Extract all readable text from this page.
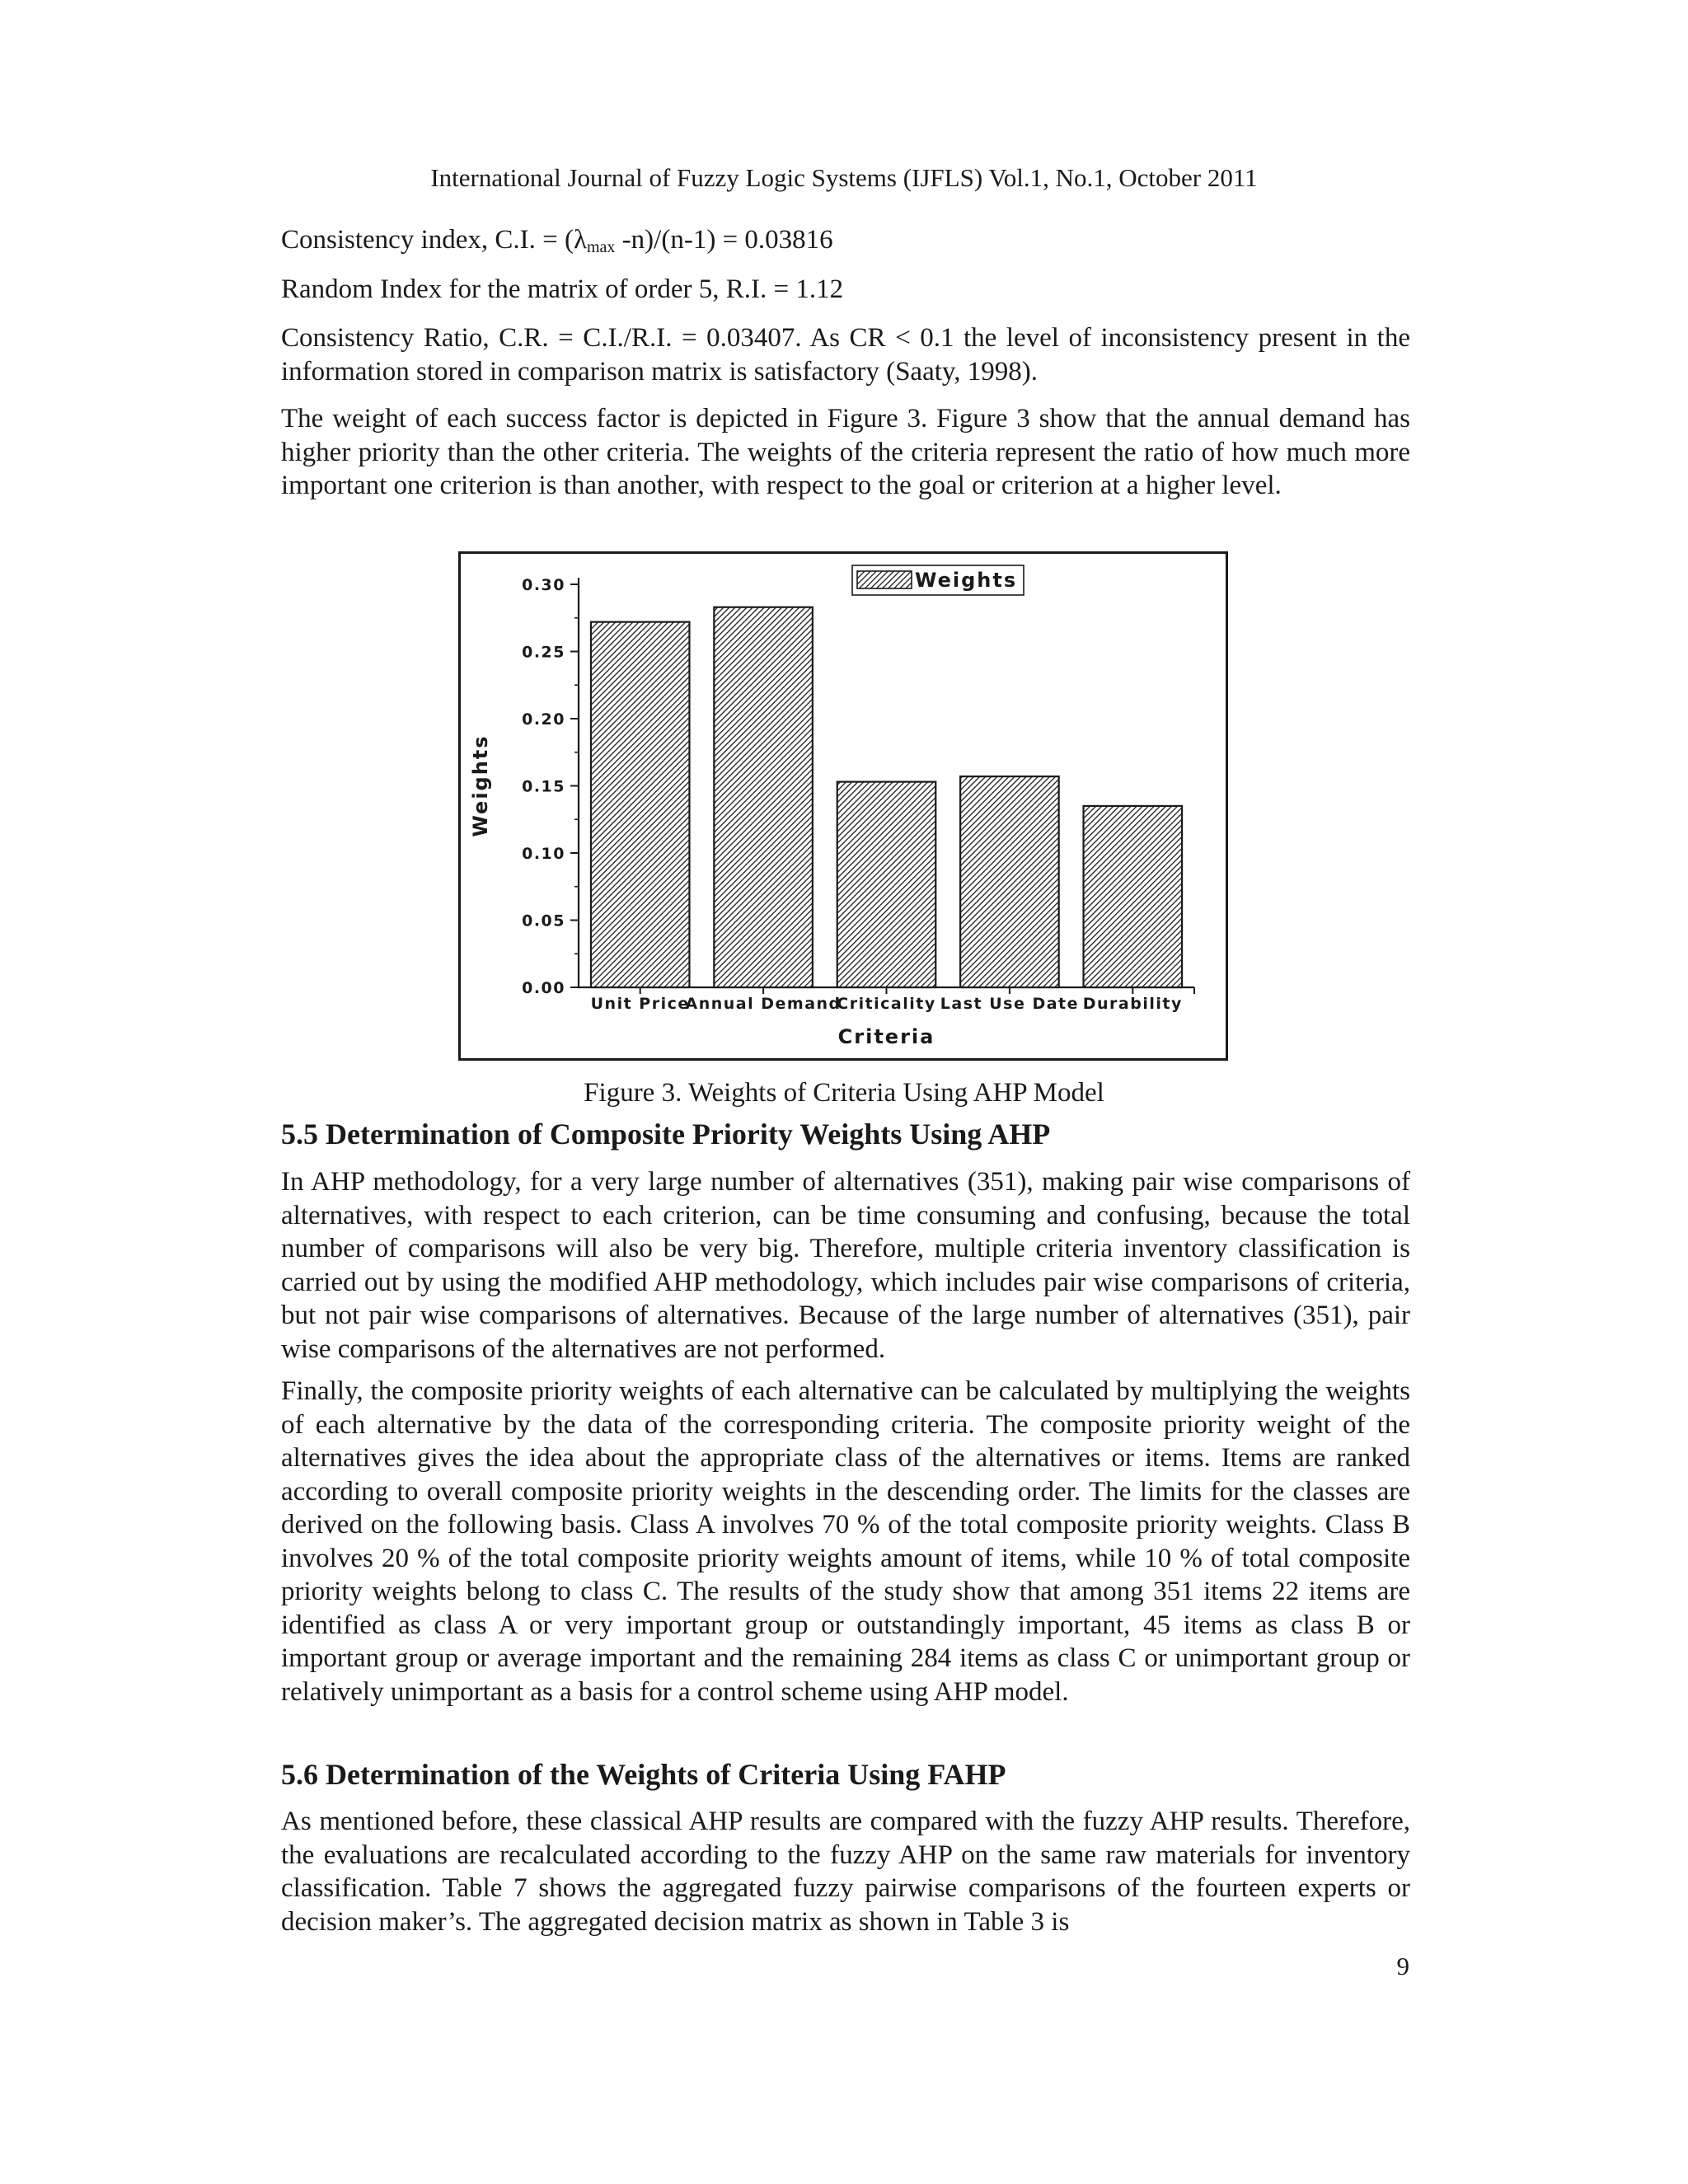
International Journal of Fuzzy Logic Systems (IJFLS) Vol.1, No.1, October 2011
Consistency index, C.I. = ($\lambda_{max}$ -n)/(n-1) = 0.03816
Random Index for the matrix of order 5, R.I. = 1.12

Consistency Ratio, C.R. = C.I./R.I. = 0.03407. As CR < 0.1 the level of inconsistency present in the information stored in comparison matrix is satisfactory (Saaty, 1998).

The weight of each success factor is depicted in Figure 3. Figure 3 show that the annual demand has higher priority than the other criteria. The weights of the criteria represent the ratio of how much more important one criterion is than another, with respect to the goal or criterion at a higher level.

0.00
0.05
0.10
0.15
0.20
0.25
0.30
Weights
Unit Price
Annual Demand
Criticality Last Use Date Durability
Criteria
Weights
Figure 3. Weights of Criteria Using AHP Model
5.5 Determination of Composite Priority Weights Using AHP

In AHP methodology, for a very large number of alternatives (351), making pair wise comparisons of alternatives, with respect to each criterion, can be time consuming and confusing, because the total number of comparisons will also be very big. Therefore, multiple criteria inventory classification is carried out by using the modified AHP methodology, which includes pair wise comparisons of criteria, but not pair wise comparisons of alternatives. Because of the large number of alternatives (351), pair wise comparisons of the alternatives are not performed.

Finally, the composite priority weights of each alternative can be calculated by multiplying the weights of each alternative by the data of the corresponding criteria. The composite priority weight of the alternatives gives the idea about the appropriate class of the alternatives or items. Items are ranked according to overall composite priority weights in the descending order. The limits for the classes are derived on the following basis. Class A involves 70 % of the total composite priority weights. Class B involves 20 % of the total composite priority weights amount of items, while 10 % of total composite priority weights belong to class C. The results of the study show that among 351 items 22 items are identified as class A or very important group or outstandingly important, 45 items as class B or important group or average important and the remaining 284 items as class C or unimportant group or relatively unimportant as a basis for a control scheme using AHP model.

5.6 Determination of the Weights of Criteria Using FAHP

As mentioned before, these classical AHP results are compared with the fuzzy AHP results. Therefore, the evaluations are recalculated according to the fuzzy AHP on the same raw materials for inventory classification. Table 7 shows the aggregated fuzzy pairwise comparisons of the fourteen experts or decision maker’s. The aggregated decision matrix as shown in Table 3 is

9
